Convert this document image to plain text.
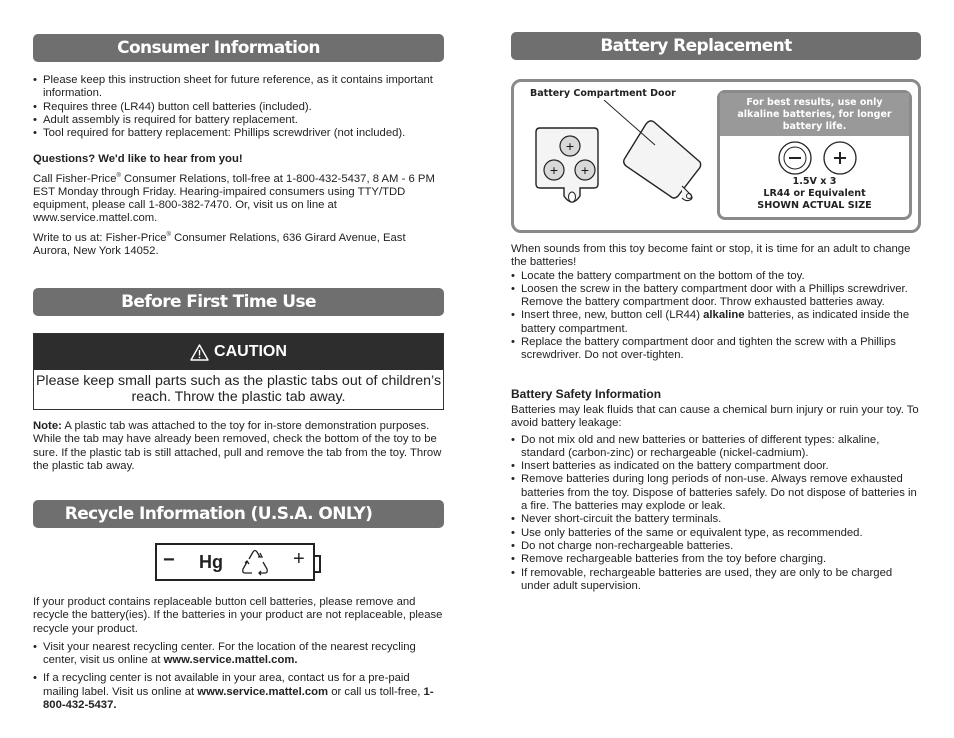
Consumer Information
• Please keep this instruction sheet for future reference, as it contains important information.
• Requires three (LR44) button cell batteries (included).
• Adult assembly is required for battery replacement.
• Tool required for battery replacement: Phillips screwdriver (not included).

Questions? We'd like to hear from you!

Call Fisher-Price® Consumer Relations, toll-free at 1-800-432-5437, 8 AM - 6 PM EST Monday through Friday. Hearing-impaired consumers using TTY/TDD equipment, please call 1-800-382-7470. Or, visit us on line at www.service.mattel.com.

Write to us at: Fisher-Price® Consumer Relations, 636 Girard Avenue, East Aurora, New York 14052.

Before First Time Use
CAUTION
Please keep small parts such as the plastic tabs out of children’s reach. Throw the plastic tab away.
Note: A plastic tab was attached to the toy for in-store demonstration purposes. While the tab may have already been removed, check the bottom of the toy to be sure. If the plastic tab is still attached, pull and remove the tab from the toy. Throw the plastic tab away.
Recycle Information (U.S.A. ONLY)
− Hg	+

If your product contains replaceable button cell batteries, please remove and recycle the battery(ies). If the batteries in your product are not replaceable, please recycle your product.

• Visit your nearest recycling center. For the location of the nearest recycling center, visit us online at www.service.mattel.com.
• If a recycling center is not available in your area, contact us for a pre-paid mailing label. Visit us online at www.service.mattel.com or call us toll-free, 1-800-432-5437.
Battery Replacement
Battery Compartment Door
+
+ +
For best results, use only alkaline batteries, for longer battery life.
1.5V x 3
LR44 or Equivalent
SHOWN ACTUAL SIZE

When sounds from this toy become faint or stop, it is time for an adult to change the batteries!

• Locate the battery compartment on the bottom of the toy.
• Loosen the screw in the battery compartment door with a Phillips screwdriver. Remove the battery compartment door. Throw exhausted batteries away.
• Insert three, new, button cell (LR44) alkaline batteries, as indicated inside the battery compartment.
• Replace the battery compartment door and tighten the screw with a Phillips screwdriver. Do not over-tighten.

Battery Safety Information

Batteries may leak fluids that can cause a chemical burn injury or ruin your toy. To avoid battery leakage:

• Do not mix old and new batteries or batteries of different types: alkaline, standard (carbon-zinc) or rechargeable (nickel-cadmium).
• Insert batteries as indicated on the battery compartment door.
• Remove batteries during long periods of non-use. Always remove exhausted batteries from the toy. Dispose of batteries safely. Do not dispose of batteries in a fire. The batteries may explode or leak.
• Never short-circuit the battery terminals.
• Use only batteries of the same or equivalent type, as recommended.
• Do not charge non-rechargeable batteries.
• Remove rechargeable batteries from the toy before charging.
• If removable, rechargeable batteries are used, they are only to be charged under adult supervision.
